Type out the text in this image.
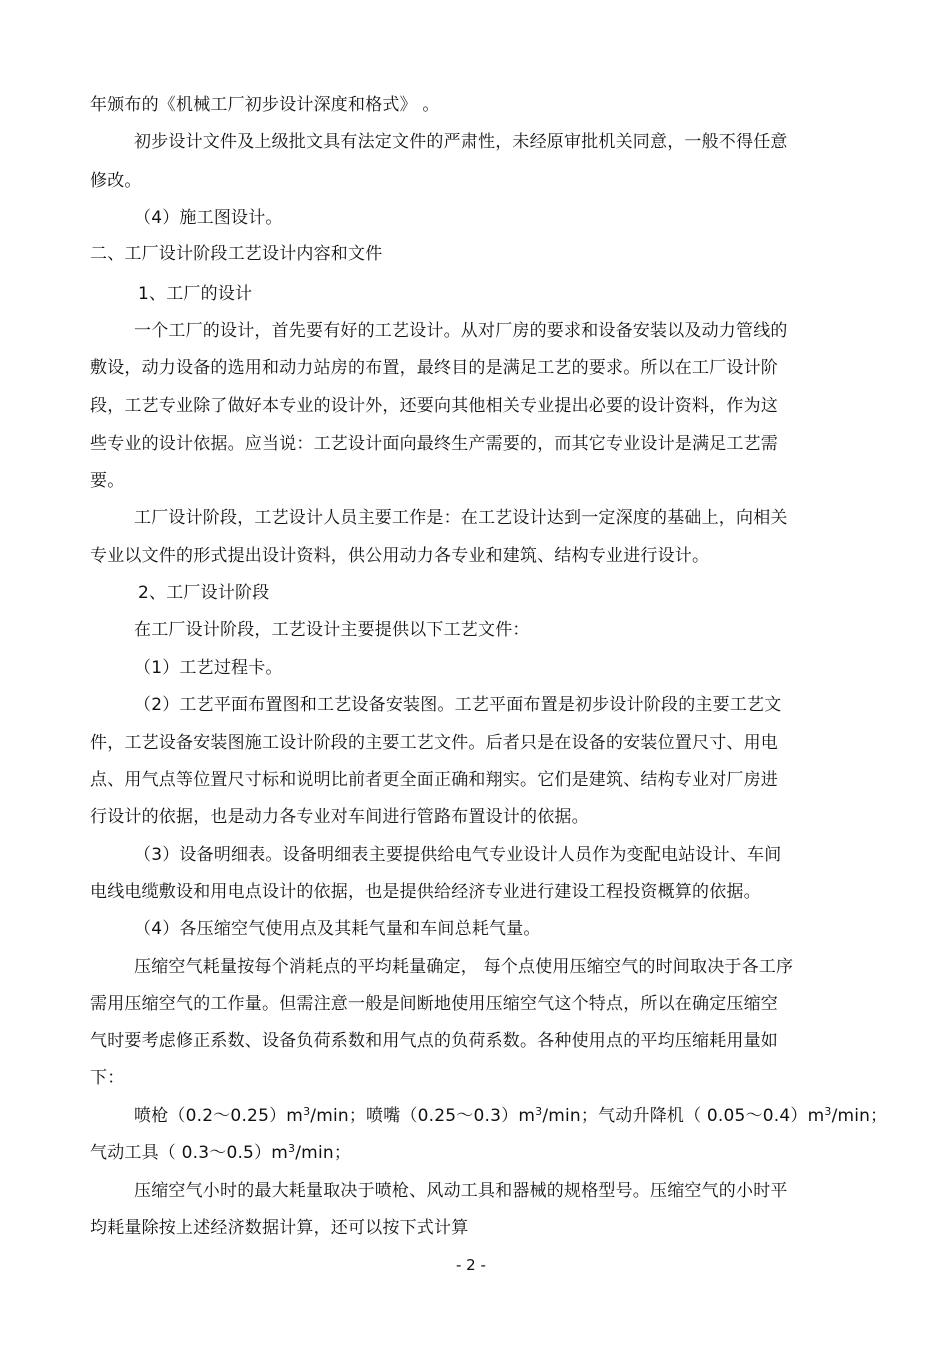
年颁布的《机械工厂初步设计深度和格式》 。
初步设计文件及上级批文具有法定文件的严肃性，未经原审批机关同意，一般不得任意
修改。
（4）施工图设计。
二、工厂设计阶段工艺设计内容和文件
1、工厂的设计
一个工厂的设计，首先要有好的工艺设计。从对厂房的要求和设备安装以及动力管线的
敷设，动力设备的选用和动力站房的布置，最终目的是满足工艺的要求。所以在工厂设计阶
段，工艺专业除了做好本专业的设计外，还要向其他相关专业提出必要的设计资料，作为这
些专业的设计依据。应当说：工艺设计面向最终生产需要的，而其它专业设计是满足工艺需
要。
工厂设计阶段，工艺设计人员主要工作是：在工艺设计达到一定深度的基础上，向相关
专业以文件的形式提出设计资料，供公用动力各专业和建筑、结构专业进行设计。
2、工厂设计阶段
在工厂设计阶段，工艺设计主要提供以下工艺文件：
（1）工艺过程卡。
（2）工艺平面布置图和工艺设备安装图。工艺平面布置是初步设计阶段的主要工艺文
件，工艺设备安装图施工设计阶段的主要工艺文件。后者只是在设备的安装位置尺寸、用电
点、用气点等位置尺寸标和说明比前者更全面正确和翔实。它们是建筑、结构专业对厂房进
行设计的依据，也是动力各专业对车间进行管路布置设计的依据。
（3）设备明细表。设备明细表主要提供给电气专业设计人员作为变配电站设计、车间
电线电缆敷设和用电点设计的依据，也是提供给经济专业进行建设工程投资概算的依据。
（4）各压缩空气使用点及其耗气量和车间总耗气量。
压缩空气耗量按每个消耗点的平均耗量确定， 每个点使用压缩空气的时间取决于各工序
需用压缩空气的工作量。但需注意一般是间断地使用压缩空气这个特点，所以在确定压缩空
气时要考虑修正系数、设备负荷系数和用气点的负荷系数。各种使用点的平均压缩耗用量如
下：
喷枪$(0.2\sim 0.25)m^3/\min$；喷嘴$(0.25\sim 0.3)m^3/\min$；气动升降机（ $0.05\sim 0.4)m^3/\min$；
气动工具（ $0.3\sim 0.5)m^3/\min$；
压缩空气小时的最大耗量取决于喷枪、风动工具和器械的规格型号。压缩空气的小时平
均耗量除按上述经济数据计算，还可以按下式计算
- 2 -
